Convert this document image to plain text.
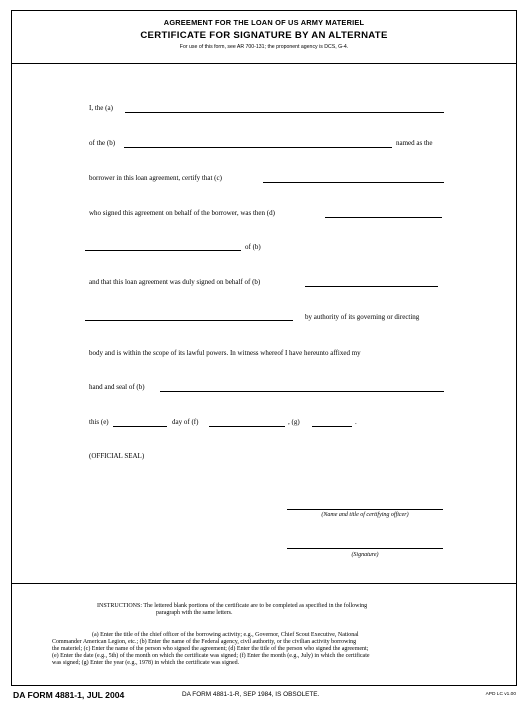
AGREEMENT FOR THE LOAN OF US ARMY MATERIEL
CERTIFICATE FOR SIGNATURE BY AN ALTERNATE
For use of this form, see AR 700-131; the proponent agency is DCS, G-4.
I, the (a)
of the (b)	named as the
borrower in this loan agreement, certify that (c)
who signed this agreement on behalf of the borrower, was then (d)
of (b)
and that this loan agreement was duly signed on behalf of (b)
by authority of its governing or directing
body and is within the scope of its lawful powers. In witness whereof I have hereunto affixed my
hand and seal of (b)
this (e)	day of (f)	, (g)	.
(OFFICIAL SEAL)
(Name and title of certifying officer)
(Signature)
INSTRUCTIONS: The lettered blank portions of the certificate are to be completed as specified in the following
paragraph with the same letters.
(a) Enter the title of the chief officer of the borrowing activity; e.g., Governor, Chief Scout Executive, National
Commander American Legion, etc.; (b) Enter the name of the Federal agency, civil authority, or the civilian activity borrowing
the materiel; (c) Enter the name of the person who signed the agreement; (d) Enter the title of the person who signed the agreement;
(e) Enter the date (e.g., 5th) of the month on which the certificate was signed; (f) Enter the month (e.g., July) in which the certificate
was signed; (g) Enter the year (e.g., 1978) in which the certificate was signed.
DA FORM 4881-1, JUL 2004	DA FORM 4881-1-R, SEP 1984, IS OBSOLETE.	APD LC v1.00
